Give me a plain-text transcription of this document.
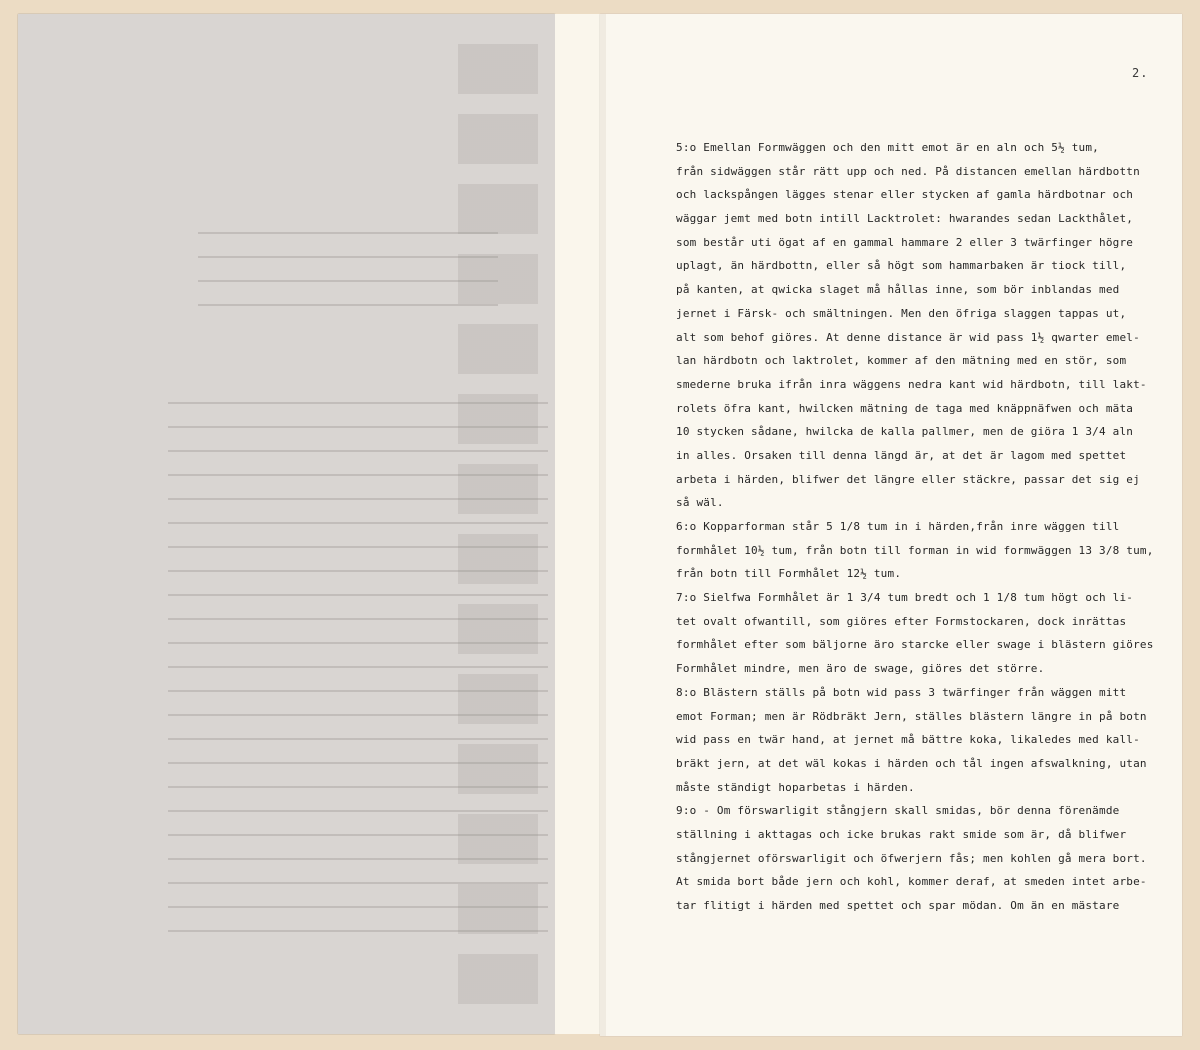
2.
5:o Emellan Formwäggen och den mitt emot är en aln och 5½ tum,
från sidwäggen står rätt upp och ned. På distancen emellan härdbottn
och lackspången lägges stenar eller stycken af gamla härdbotnar och
wäggar jemt med botn intill Lacktrolet: hwarandes sedan Lackthålet,
som består uti ögat af en gammal hammare 2 eller 3 twärfinger högre
uplagt, än härdbottn, eller så högt som hammarbaken är tiock till,
på kanten, at qwicka slaget må hållas inne, som bör inblandas med
jernet i Färsk- och smältningen. Men den öfriga slaggen tappas ut,
alt som behof giöres. At denne distance är wid pass 1½ qwarter emel-
lan härdbotn och laktrolet, kommer af den mätning med en stör, som
smederne bruka ifrån inra wäggens nedra kant wid härdbotn, till lakt-
rolets öfra kant, hwilcken mätning de taga med knäppnäfwen och mäta
10 stycken sådane, hwilcka de kalla pallmer, men de giöra 1 3/4 aln
in alles. Orsaken till denna längd är, at det är lagom med spettet
arbeta i härden, blifwer det längre eller stäckre, passar det sig ej
så wäl.
6:o Kopparforman står 5 1/8 tum in i härden,från inre wäggen till
formhålet 10½ tum, från botn till forman in wid formwäggen 13 3/8 tum,
från botn till Formhålet 12½ tum.
7:o Sielfwa Formhålet är 1 3/4 tum bredt och 1 1/8 tum högt och li-
tet ovalt ofwantill, som giöres efter Formstockaren, dock inrättas
formhålet efter som bäljorne äro starcke eller swage i blästern giöres
Formhålet mindre, men äro de swage, giöres det större.
8:o Blästern ställs på botn wid pass 3 twärfinger från wäggen mitt
emot Forman; men är Rödbräkt Jern, ställes blästern längre in på botn
wid pass en twär hand, at jernet må bättre koka, likaledes med kall-
bräkt jern, at det wäl kokas i härden och tål ingen afswalkning, utan
måste ständigt hoparbetas i härden.
9:o - Om förswarligit stångjern skall smidas, bör denna förenämde
ställning i akttagas och icke brukas rakt smide som är, då blifwer
stångjernet oförswarligit och öfwerjern fås; men kohlen gå mera bort.
At smida bort både jern och kohl, kommer deraf, at smeden intet arbe-
tar flitigt i härden med spettet och spar mödan. Om än en mästare
